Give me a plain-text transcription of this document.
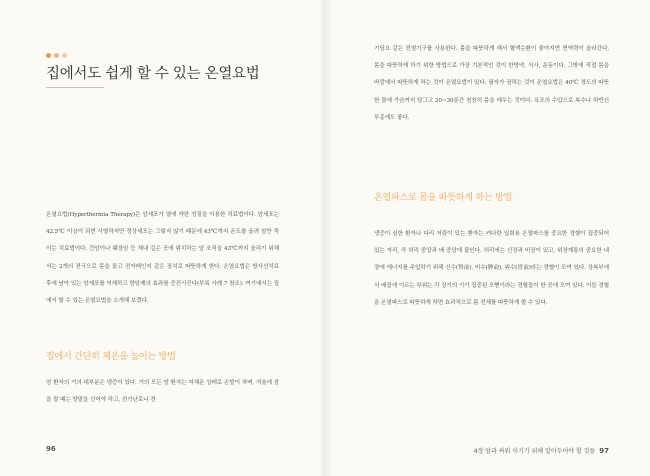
집에서도 쉽게 할 수 있는 온열요법

온열요법(Hyperthermia Therapy)은 암세포가 열에 약한 성질을 이용한 치료법이다. 암세포는 42.5℃ 이상이 되면 사멸하지만 정상세포는 그렇지 않기 때문에 43℃까지 온도를 올려 암만 죽이는 치료법이다. 간암이나 췌장암 등 체내 깊은 곳에 위치하는 암 조직을 43℃까지 올리기 위해서는 2개의 전극으로 몸을 둘고 전자레인지 같은 장치로 따뜻하게 한다. 온열요법은 방사선치료 후에 남아 있는 암세포를 억제하고 항암제의 효과를 증진시킨다(부록 사례 7 참조). 여기에서는 집에서 할 수 있는 온열요법을 소개해 보겠다.

집에서 간단히 체온을 높이는 방법

암 환자의 거의 대부분은 냉증이 있다. 거의 모든 암 환자는 저체온 상태로 손발이 차며, 겨울에 잠을 잘 때는 양말을 신어야 하고, 전기난로나 전

96

기담요 같은 전열기구를 사용한다. 몸을 따뜻하게 해서 혈액순환이 좋아지면 면역력이 올라간다. 몸을 따뜻하게 하기 위한 방법으로 가장 기본적인 것이 한방약, 식사, 운동이다. 그밖에 직접 몸을 바깥에서 따뜻하게 하는 것이 온열요법이 있다. 필자가 권하는 것이 온열요법은 40℃ 정도의 따뜻한 물에 가슴까지 담그고 20~30분간 천천히 몸을 데우는 것이다. 욕조의 수압으로 복수나 하반신 부종에도 좋다.

온열파스로 몸을 따뜻하게 하는 방법

냉증이 심한 환자나 다리 저림이 있는 환자는 커다란 일회용 온열파스를 중요한 경혈이 집중되어 있는 자리, 즉 허리 중앙과 배 중앙에 붙인다. 허리에는 신장과 비장이 있고, 위장계통의 중요한 내장에 에너지를 주입하기 위해 신수(腎兪), 비수(脾兪), 위수(胃兪)라는 경혈이 모여 있다. 상복부에서 배꼽에 이르는 부위는 각 장기의 기가 집중된 모뻗이라는 경혈들이 한 곳에 모여 있다. 이들 경혈을 온열파스로 따뜻하게 하면 효과적으로 몸 전체를 따뜻하게 할 수 있다.

4장 암과 싸워 이기기 위해 알아두어야 할 것들 97
